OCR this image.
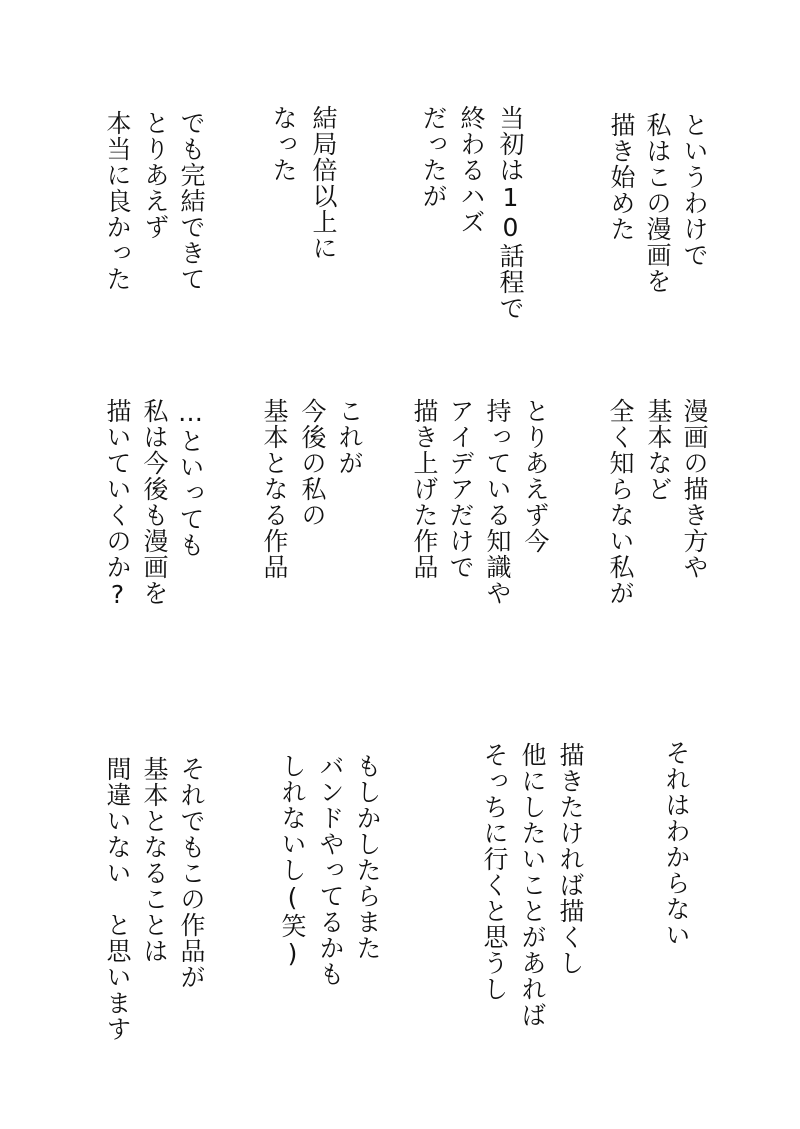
というわけで

私はこの漫画を

描き始めた

当初は10話程で

終わるハズ

だったが

結局倍以上に

なった

でも完結できて

とりあえず

本当に良かった

漫画の描き方や

基本など

全く知らない私が

とりあえず今

持っている知識や

アイデアだけで

描き上げた作品

これが

今後の私の

基本となる作品

…といっても

私は今後も漫画を

描いていくのか?

それはわからない

描きたければ描くし

他にしたいことがあれば

そっちに行くと思うし

もしかしたらまた

バンドやってるかも

しれないし(笑)

それでもこの作品が

基本となることは

間違いない　と思います
